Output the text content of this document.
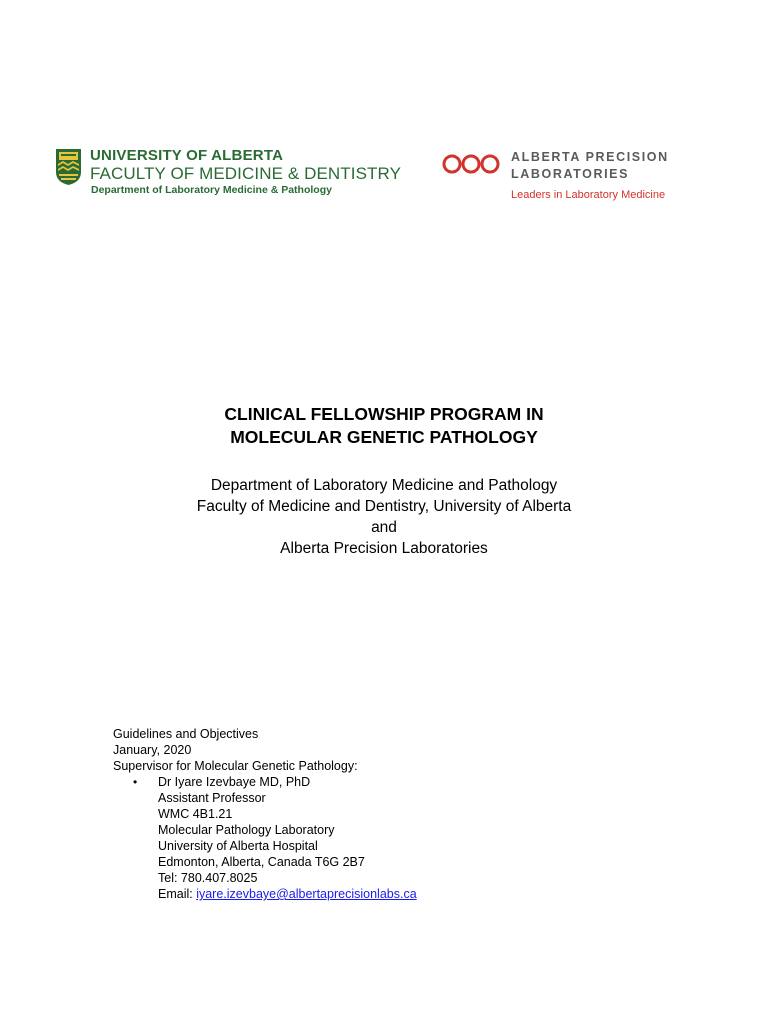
UNIVERSITY OF ALBERTA
FACULTY OF MEDICINE & DENTISTRY
Department of Laboratory Medicine & Pathology
ALBERTA PRECISION
LABORATORIES
Leaders in Laboratory Medicine
CLINICAL FELLOWSHIP PROGRAM IN
MOLECULAR GENETIC PATHOLOGY
Department of Laboratory Medicine and Pathology
Faculty of Medicine and Dentistry, University of Alberta
and
Alberta Precision Laboratories
Guidelines and Objectives
January, 2020
Supervisor for Molecular Genetic Pathology:
• Dr Iyare Izevbaye MD, PhD
Assistant Professor
WMC 4B1.21
Molecular Pathology Laboratory
University of Alberta Hospital
Edmonton, Alberta, Canada T6G 2B7
Tel: 780.407.8025
Email: iyare.izevbaye@albertaprecisionlabs.ca
